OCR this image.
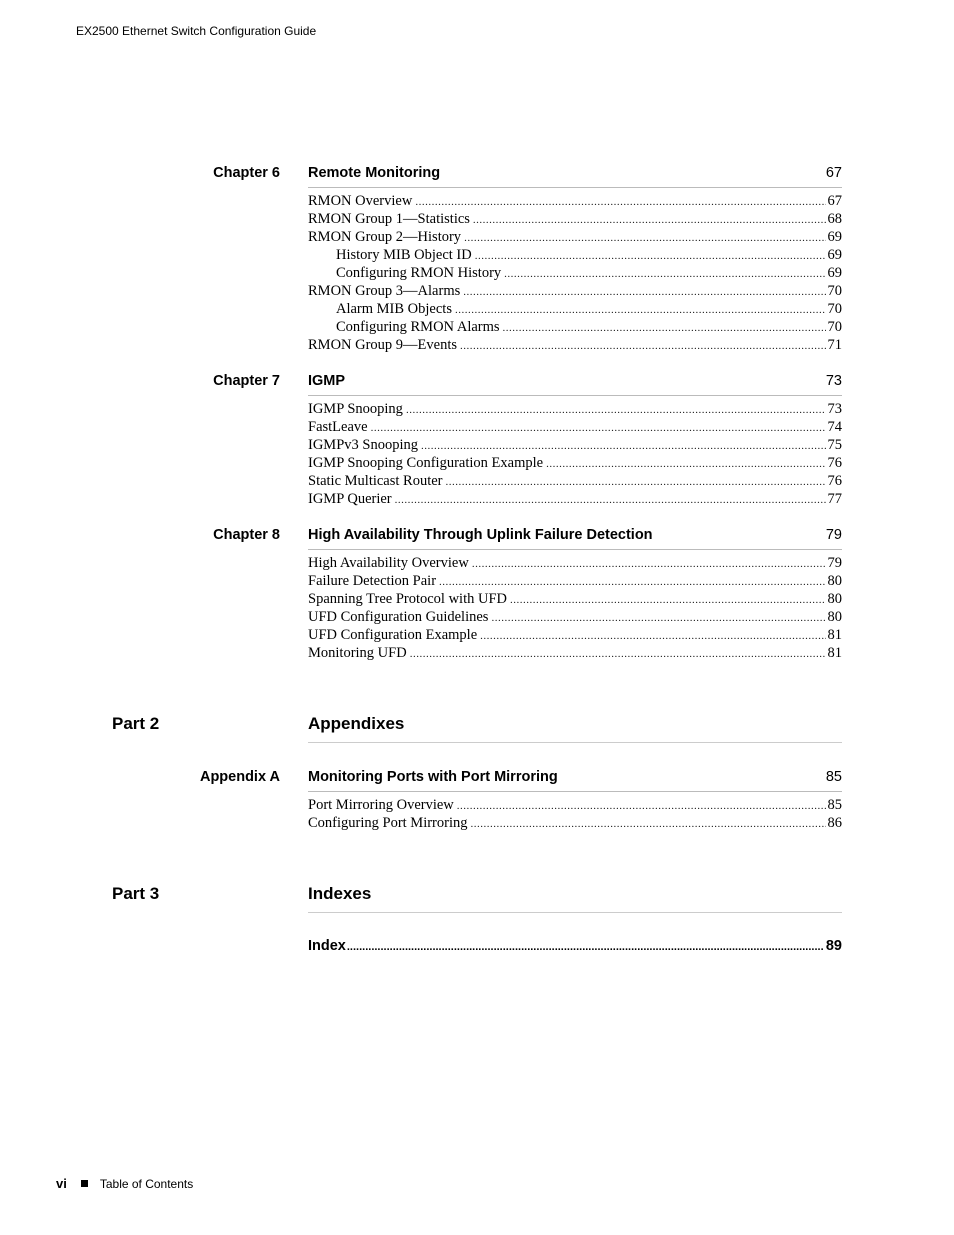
EX2500 Ethernet Switch Configuration Guide
Chapter 6 Remote Monitoring	67
RMON Overview .....	67
RMON Group 1—Statistics .....	68
RMON Group 2—History .....	69
History MIB Object ID .....	69
Configuring RMON History .....	69
RMON Group 3—Alarms .....	70
Alarm MIB Objects .....	70
Configuring RMON Alarms .....	70
RMON Group 9—Events .....	71
Chapter 7 IGMP	73
IGMP Snooping .....	73
FastLeave .....	74
IGMPv3 Snooping .....	75
IGMP Snooping Configuration Example .....	76
Static Multicast Router .....	76
IGMP Querier .....	77
Chapter 8 High Availability Through Uplink Failure Detection	79
High Availability Overview .....	79
Failure Detection Pair .....	80
Spanning Tree Protocol with UFD .....	80
UFD Configuration Guidelines .....	80
UFD Configuration Example .....	81
Monitoring UFD .....	81
Part 2	Appendixes
Appendix A Monitoring Ports with Port Mirroring	85
Port Mirroring Overview .....	85
Configuring Port Mirroring .....	86
Part 3	Indexes
Index .....	89
vi	Table of Contents
